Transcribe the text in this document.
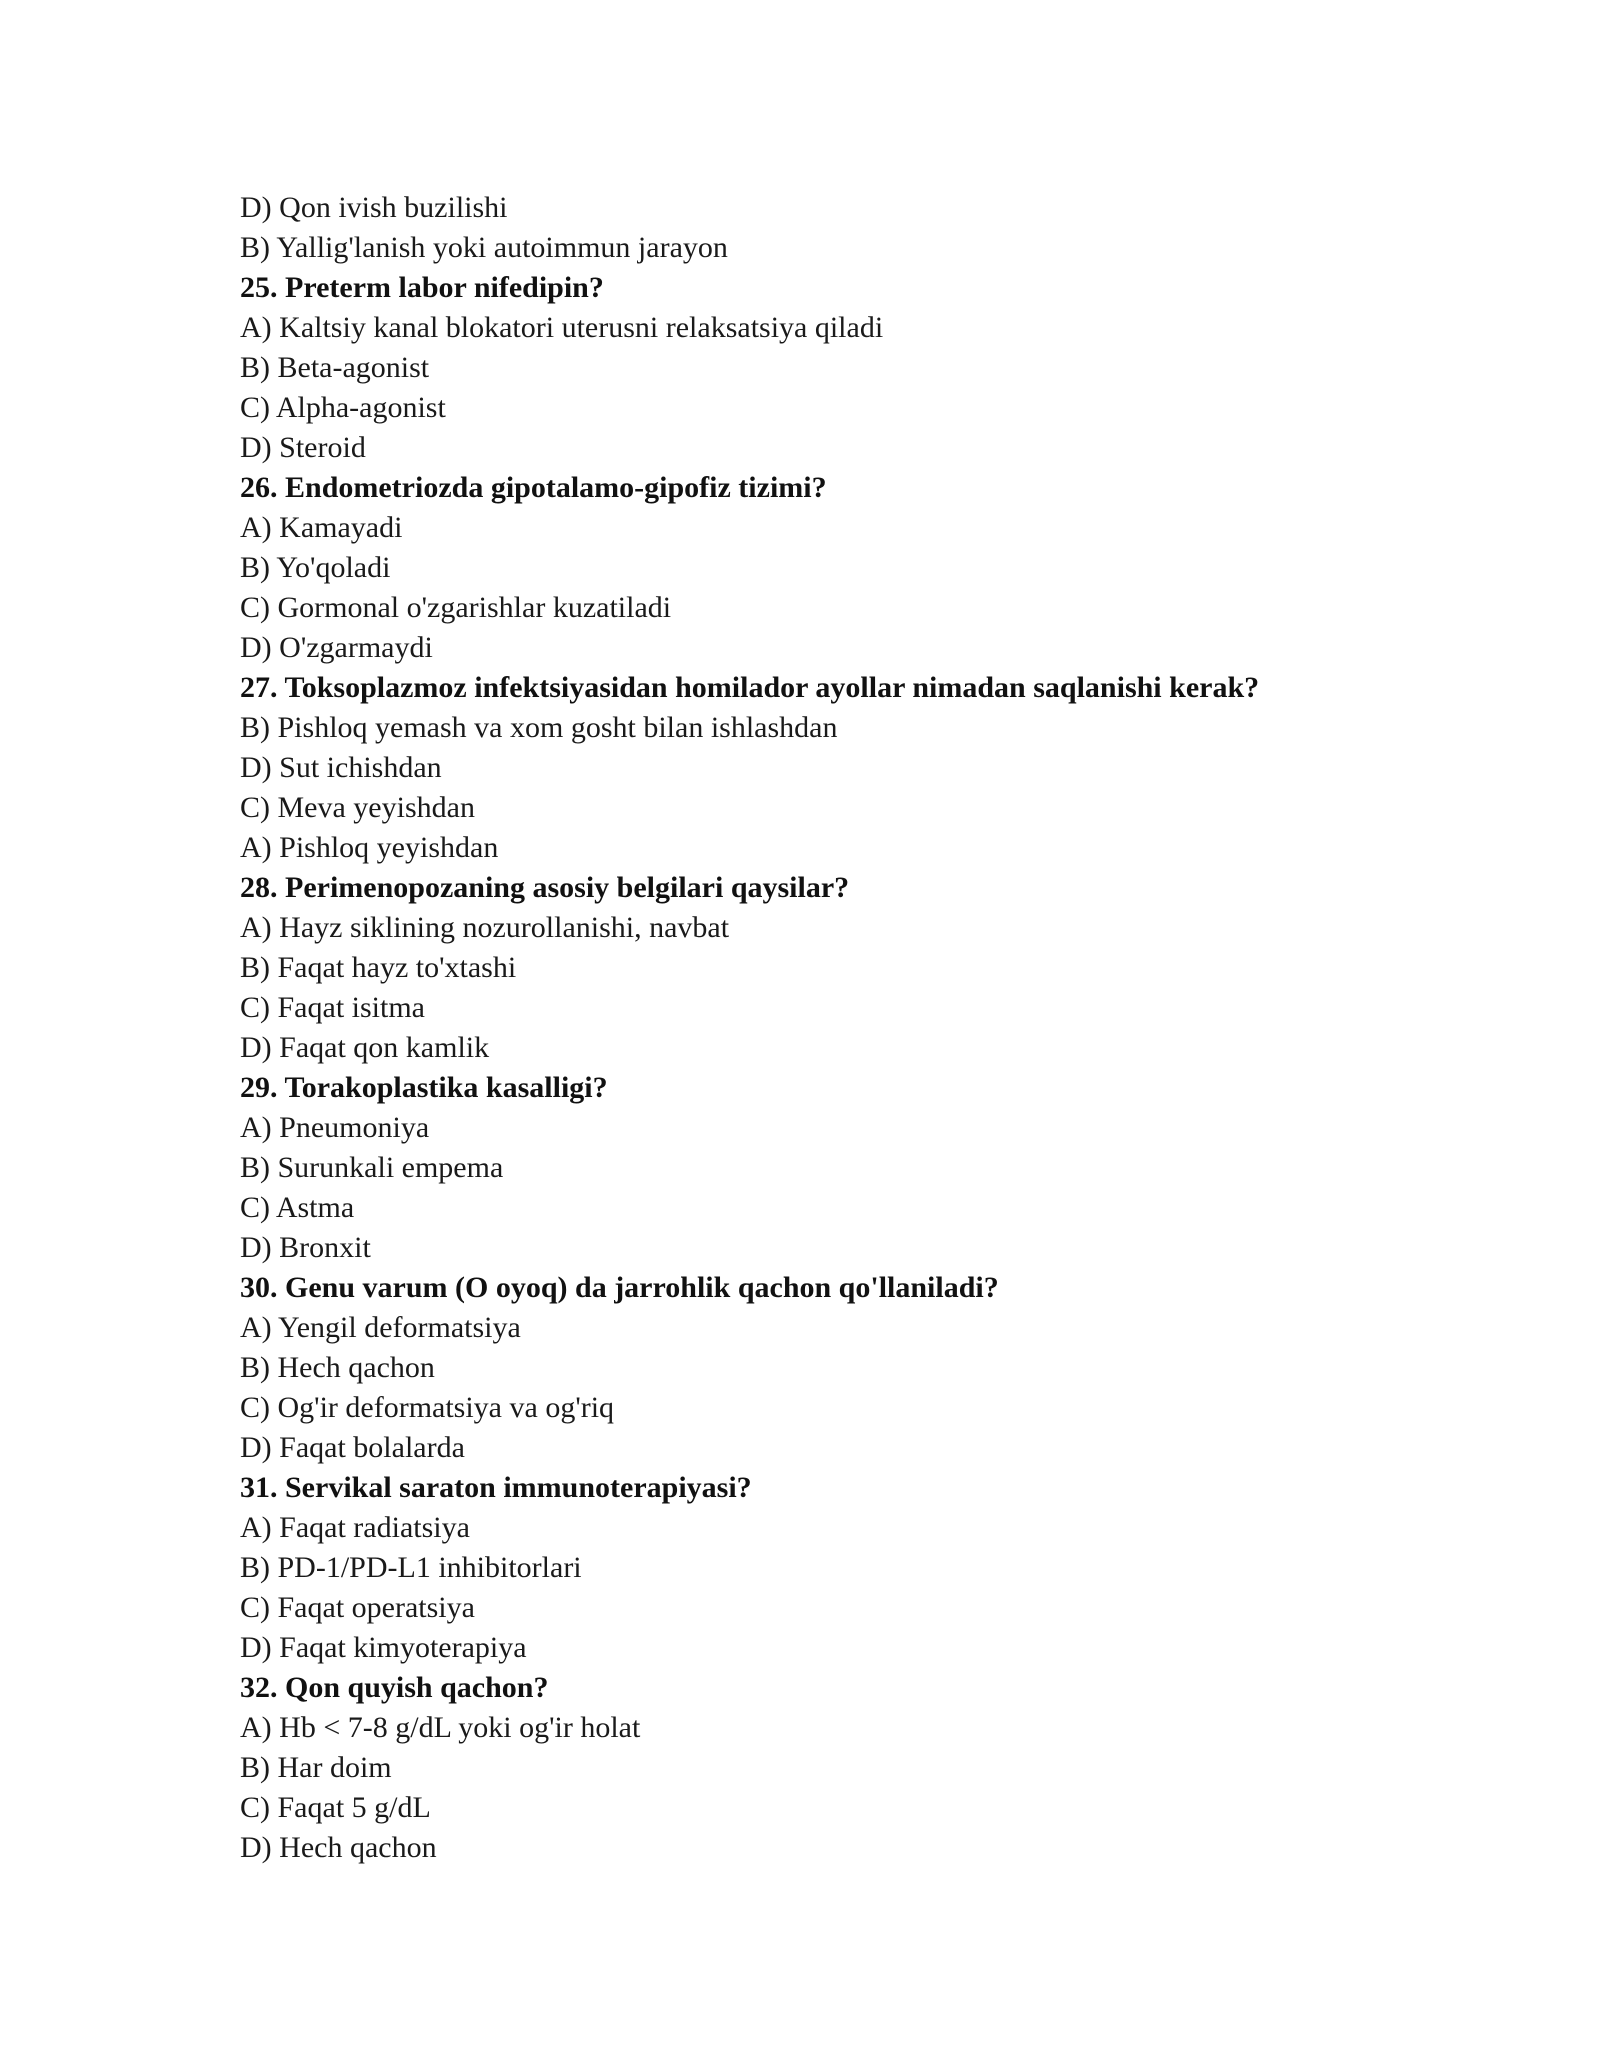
D) Qon ivish buzilishi
B) Yallig'lanish yoki autoimmun jarayon
25. Preterm labor nifedipin?
A) Kaltsiy kanal blokatori uterusni relaksatsiya qiladi
B) Beta-agonist
C) Alpha-agonist
D) Steroid
26. Endometriozda gipotalamo-gipofiz tizimi?
A) Kamayadi
B) Yo'qoladi
C) Gormonal o'zgarishlar kuzatiladi
D) O'zgarmaydi
27. Toksoplazmoz infektsiyasidan homilador ayollar nimadan saqlanishi kerak?
B) Pishloq yemash va xom gosht bilan ishlashdan
D) Sut ichishdan
C) Meva yeyishdan
A) Pishloq yeyishdan
28. Perimenopozaning asosiy belgilari qaysilar?
A) Hayz siklining nozurollanishi, navbat
B) Faqat hayz to'xtashi
C) Faqat isitma
D) Faqat qon kamlik
29. Torakoplastika kasalligi?
A) Pneumoniya
B) Surunkali empema
C) Astma
D) Bronxit
30. Genu varum (O oyoq) da jarrohlik qachon qo'llaniladi?
A) Yengil deformatsiya
B) Hech qachon
C) Og'ir deformatsiya va og'riq
D) Faqat bolalarda
31. Servikal saraton immunoterapiyasi?
A) Faqat radiatsiya
B) PD-1/PD-L1 inhibitorlari
C) Faqat operatsiya
D) Faqat kimyoterapiya
32. Qon quyish qachon?
A) Hb < 7-8 g/dL yoki og'ir holat
B) Har doim
C) Faqat 5 g/dL
D) Hech qachon
